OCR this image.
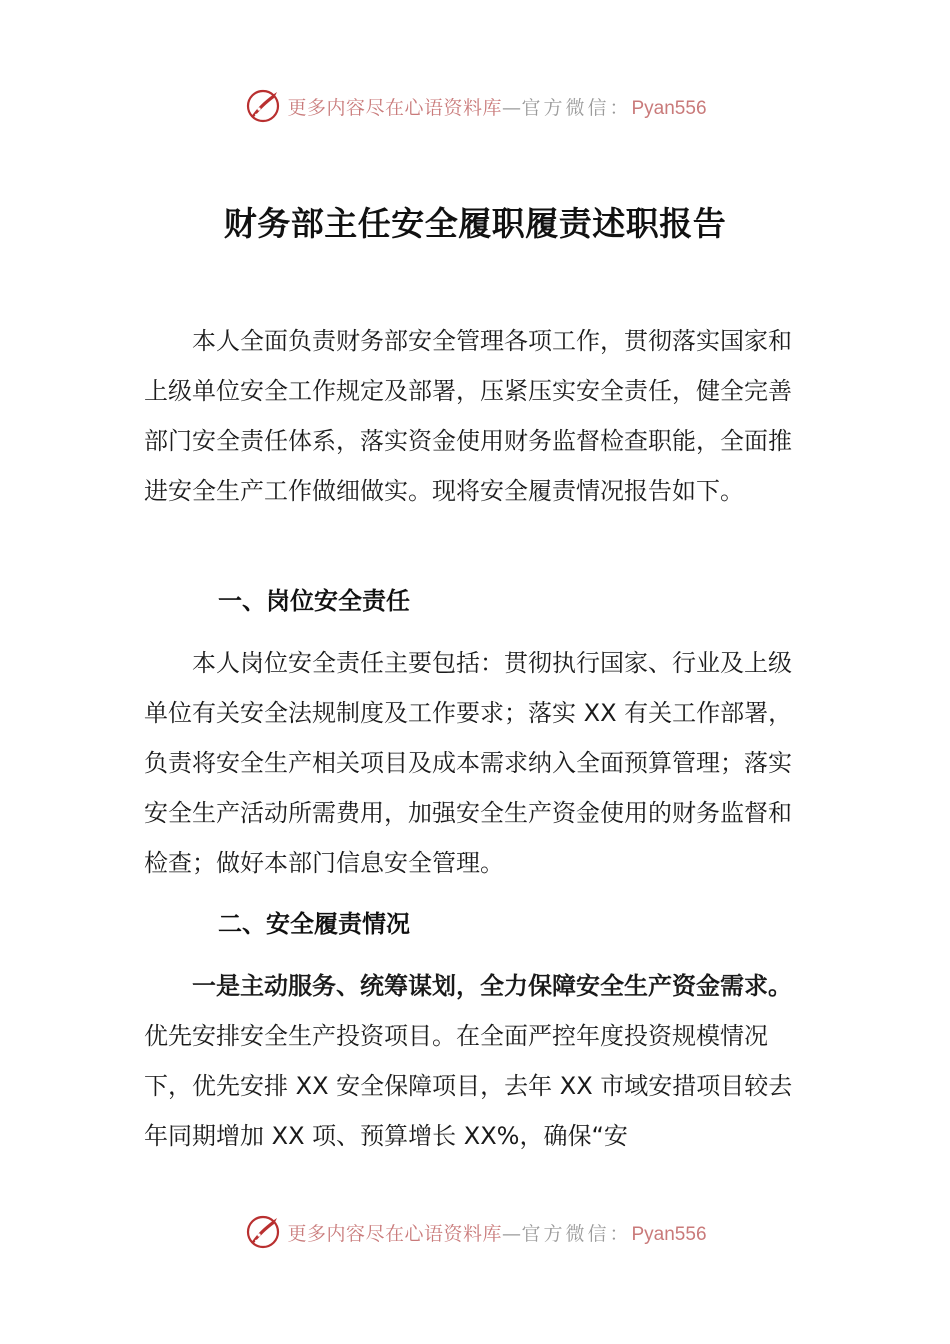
更多内容尽在心语资料库—官方微信：Pyan556
财务部主任安全履职履责述职报告

本人全面负责财务部安全管理各项工作，贯彻落实国家和上级单位安全工作规定及部署，压紧压实安全责任，健全完善部门安全责任体系，落实资金使用财务监督检查职能，全面推进安全生产工作做细做实。现将安全履责情况报告如下。

一、岗位安全责任

本人岗位安全责任主要包括：贯彻执行国家、行业及上级单位有关安全法规制度及工作要求；落实 XX 有关工作部署，负责将安全生产相关项目及成本需求纳入全面预算管理；落实安全生产活动所需费用，加强安全生产资金使用的财务监督和检查；做好本部门信息安全管理。

二、安全履责情况

一是主动服务、统筹谋划，全力保障安全生产资金需求。优先安排安全生产投资项目。在全面严控年度投资规模情况下，优先安排 XX 安全保障项目，去年 XX 市域安措项目较去年同期增加 XX 项、预算增长 XX%，确保“安

更多内容尽在心语资料库—官方微信：Pyan556
